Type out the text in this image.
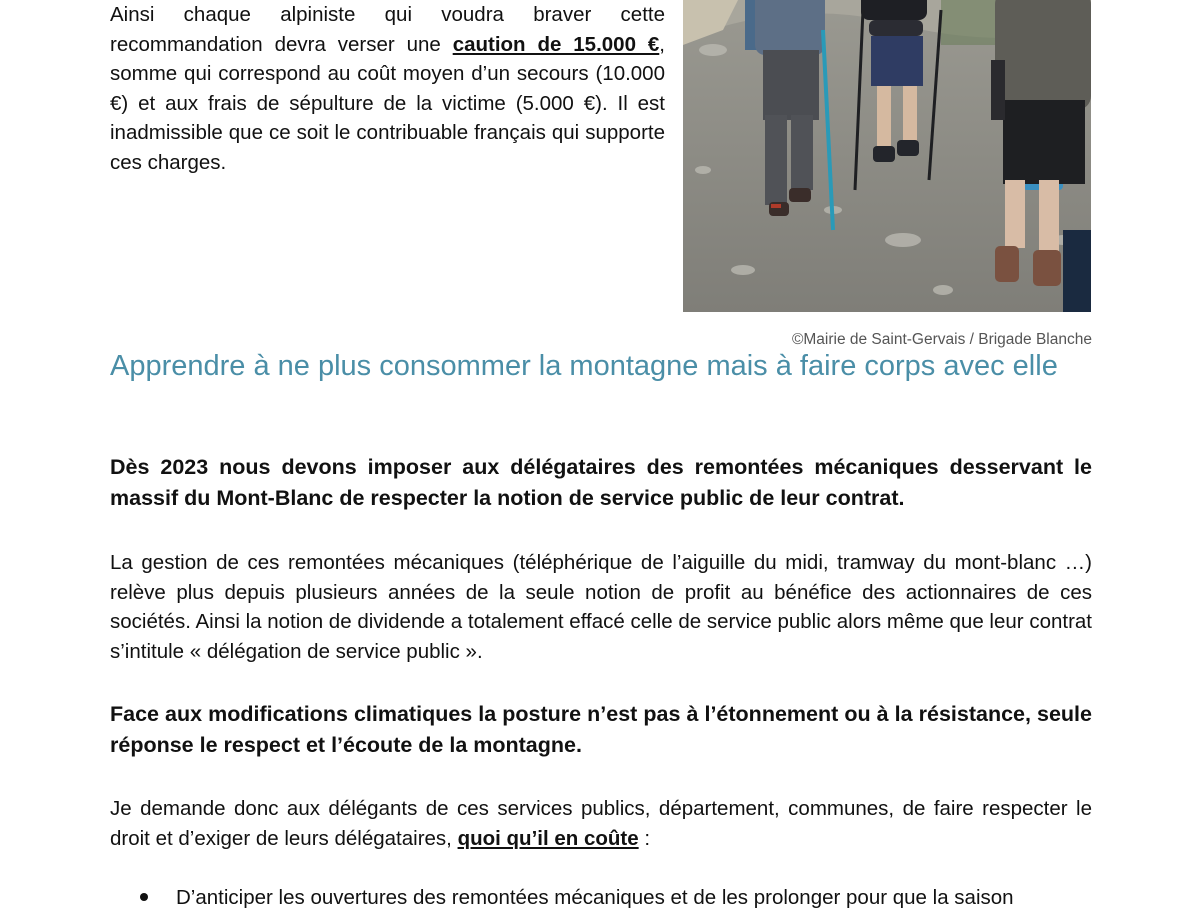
Ainsi chaque alpiniste qui voudra braver cette recommandation devra verser une caution de 15.000 €, somme qui correspond au coût moyen d’un secours (10.000 €) et aux frais de sépulture de la victime (5.000 €). Il est inadmissible que ce soit le contribuable français qui supporte ces charges.

©Mairie de Saint-Gervais / Brigade Blanche
Apprendre à ne plus consommer la montagne mais à faire corps avec elle

Dès 2023 nous devons imposer aux délégataires des remontées mécaniques desservant le massif du Mont-Blanc de respecter la notion de service public de leur contrat.

La gestion de ces remontées mécaniques (téléphérique de l’aiguille du midi, tramway du mont-blanc …) relève plus depuis plusieurs années de la seule notion de profit au bénéfice des actionnaires de ces sociétés. Ainsi la notion de dividende a totalement effacé celle de service public alors même que leur contrat s’intitule « délégation de service public ».

Face aux modifications climatiques la posture n’est pas à l’étonnement ou à la résistance, seule réponse le respect et l’écoute de la montagne.

Je demande donc aux délégants de ces services publics, département, communes, de faire respecter le droit et d’exiger de leurs délégataires, quoi qu’il en coûte :

D’anticiper les ouvertures des remontées mécaniques et de les prolonger pour que la saison
